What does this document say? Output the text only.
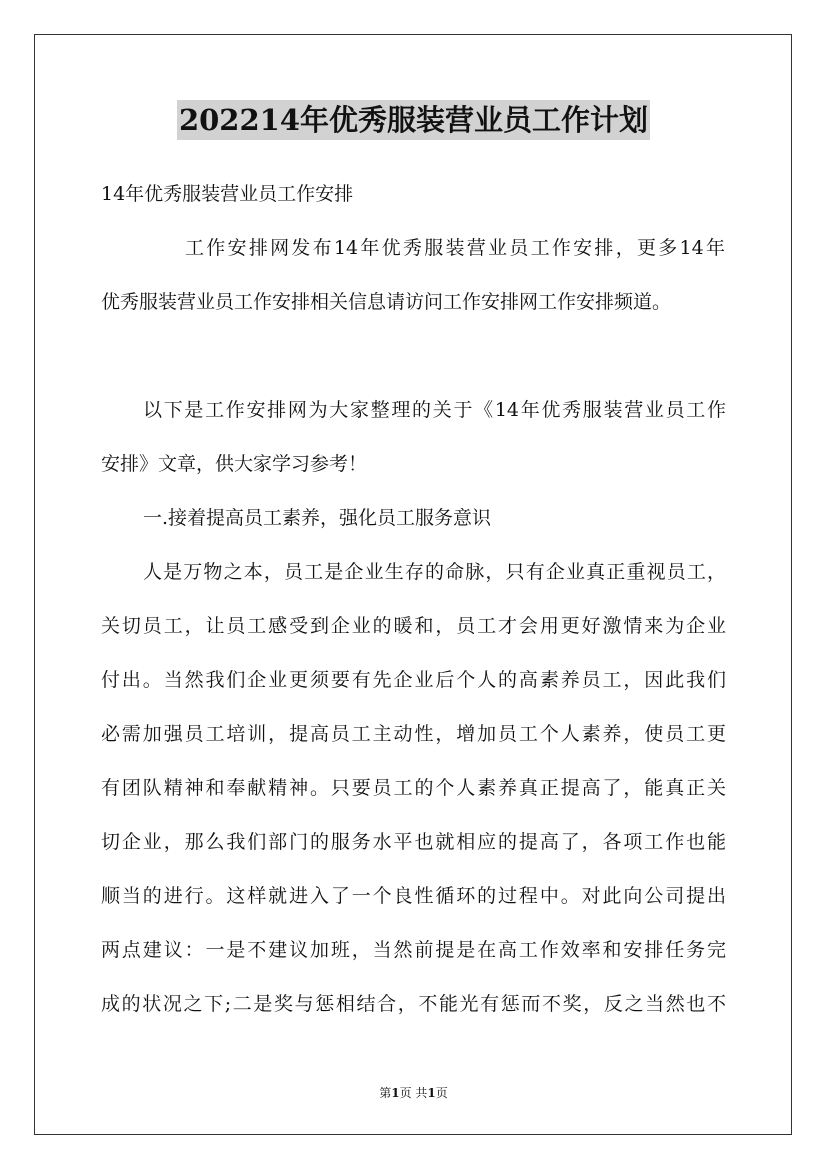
202214年优秀服装营业员工作计划
14年优秀服装营业员工作安排
工作安排网发布14年优秀服装营业员工作安排，更多14年
优秀服装营业员工作安排相关信息请访问工作安排网工作安排频道。
以下是工作安排网为大家整理的关于《14年优秀服装营业员工作
安排》文章，供大家学习参考！
一.接着提高员工素养，强化员工服务意识
人是万物之本，员工是企业生存的命脉，只有企业真正重视员工，
关切员工，让员工感受到企业的暖和，员工才会用更好激情来为企业
付出。当然我们企业更须要有先企业后个人的高素养员工，因此我们
必需加强员工培训，提高员工主动性，增加员工个人素养，使员工更
有团队精神和奉献精神。只要员工的个人素养真正提高了，能真正关
切企业，那么我们部门的服务水平也就相应的提高了，各项工作也能
顺当的进行。这样就进入了一个良性循环的过程中。对此向公司提出
两点建议：一是不建议加班，当然前提是在高工作效率和安排任务完
成的状况之下;二是奖与惩相结合，不能光有惩而不奖，反之当然也不
第1页 共1页
